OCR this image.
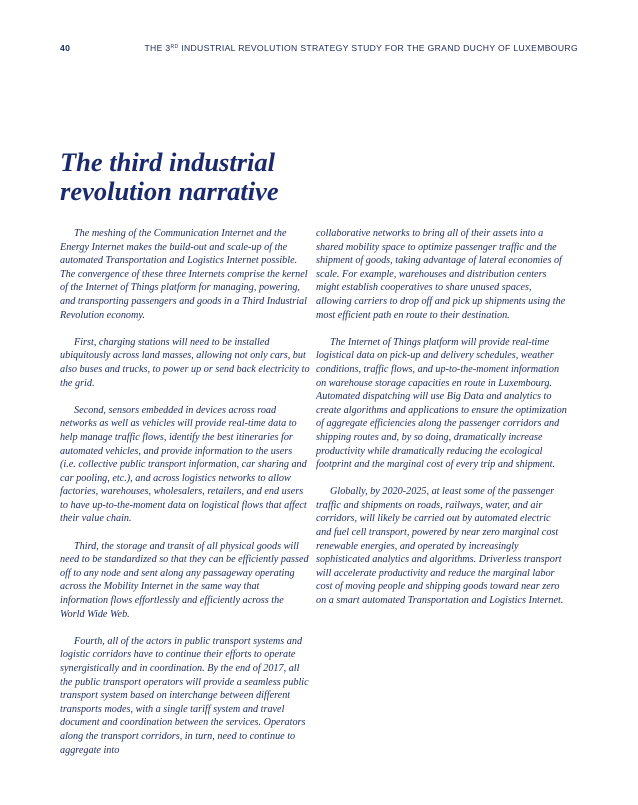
40	THE 3RD INDUSTRIAL REVOLUTION STRATEGY STUDY FOR THE GRAND DUCHY OF LUXEMBOURG
The third industrial
revolution narrative

The meshing of the Communication Internet and the Energy Internet makes the build-out and scale-up of the automated Transportation and Logistics Internet possible. The convergence of these three Internets comprise the kernel of the Internet of Things platform for managing, powering, and transporting passengers and goods in a Third Industrial Revolution economy.

First, charging stations will need to be installed ubiquitously across land masses, allowing not only cars, but also buses and trucks, to power up or send back electricity to the grid.

Second, sensors embedded in devices across road networks as well as vehicles will provide real-time data to help manage traffic flows, identify the best itineraries for automated vehicles, and provide information to the users (i.e. collective public transport information, car sharing and car pooling, etc.), and across logistics networks to allow factories, warehouses, wholesalers, retailers, and end users to have up-to-the-moment data on logistical flows that affect their value chain.

Third, the storage and transit of all physical goods will need to be standardized so that they can be efficiently passed off to any node and sent along any passageway operating across the Mobility Internet in the same way that information flows effortlessly and efficiently across the World Wide Web.

Fourth, all of the actors in public transport systems and logistic corridors have to continue their efforts to operate synergistically and in coordination. By the end of 2017, all the public transport operators will provide a seamless public transport system based on interchange between different transports modes, with a single tariff system and travel document and coordination between the services. Operators along the transport corridors, in turn, need to continue to aggregate into

collaborative networks to bring all of their assets into a shared mobility space to optimize passenger traffic and the shipment of goods, taking advantage of lateral economies of scale. For example, warehouses and distribution centers might establish cooperatives to share unused spaces, allowing carriers to drop off and pick up shipments using the most efficient path en route to their destination.

The Internet of Things platform will provide real-time logistical data on pick-up and delivery schedules, weather conditions, traffic flows, and up-to-the-moment information on warehouse storage capacities en route in Luxembourg. Automated dispatching will use Big Data and analytics to create algorithms and applications to ensure the optimization of aggregate efficiencies along the passenger corridors and shipping routes and, by so doing, dramatically increase productivity while dramatically reducing the ecological footprint and the marginal cost of every trip and shipment.

Globally, by 2020-2025, at least some of the passenger traffic and shipments on roads, railways, water, and air corridors, will likely be carried out by automated electric and fuel cell transport, powered by near zero marginal cost renewable energies, and operated by increasingly sophisticated analytics and algorithms. Driverless transport will accelerate productivity and reduce the marginal labor cost of moving people and shipping goods toward near zero on a smart automated Transportation and Logistics Internet.
